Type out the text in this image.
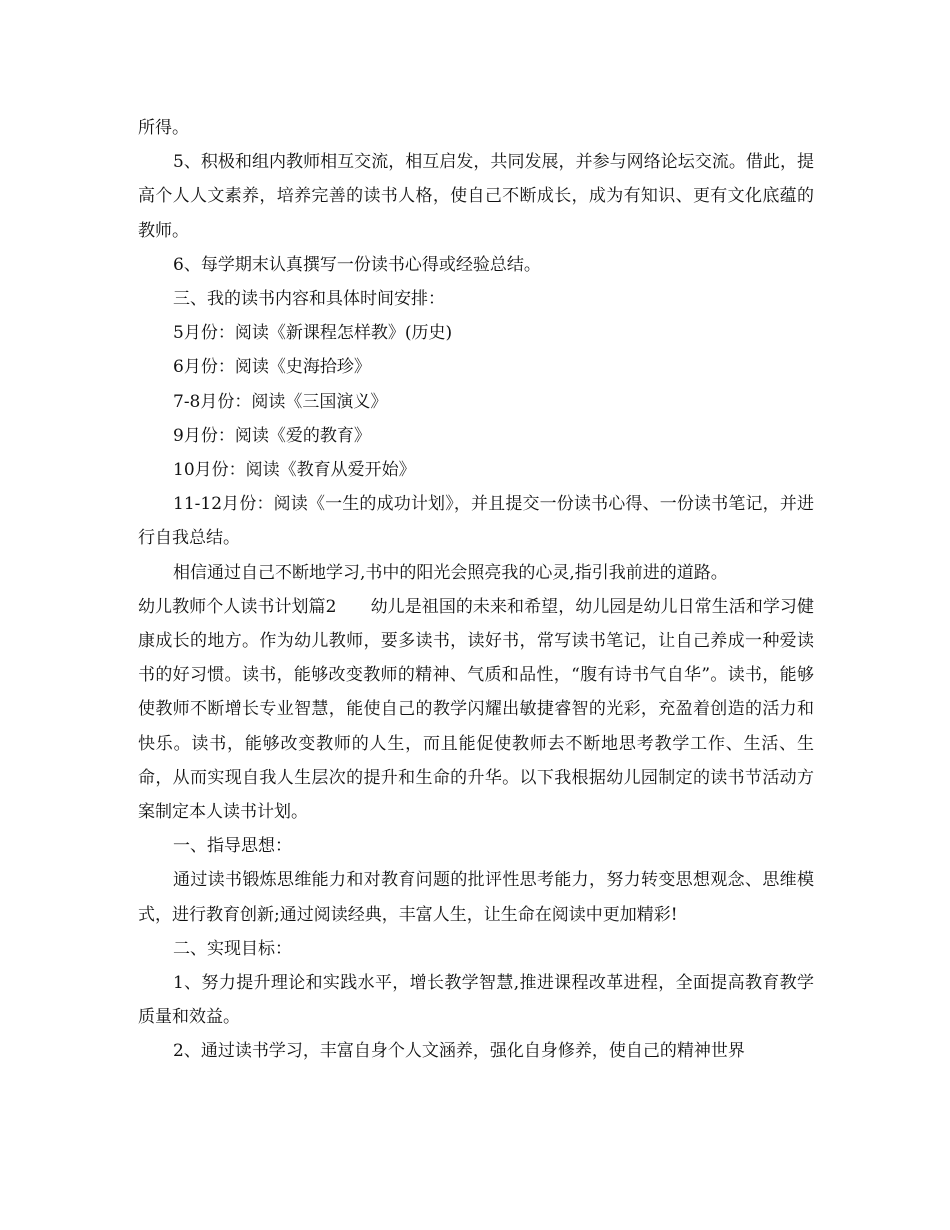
所得。

5、积极和组内教师相互交流，相互启发，共同发展，并参与网络论坛交流。借此，提高个人人文素养，培养完善的读书人格，使自己不断成长，成为有知识、更有文化底蕴的教师。

6、每学期末认真撰写一份读书心得或经验总结。

三、我的读书内容和具体时间安排：

5月份：阅读《新课程怎样教》(历史)

6月份：阅读《史海拾珍》

7-8月份：阅读《三国演义》

9月份：阅读《爱的教育》

10月份：阅读《教育从爱开始》

11-12月份：阅读《一生的成功计划》，并且提交一份读书心得、一份读书笔记，并进行自我总结。

相信通过自己不断地学习,书中的阳光会照亮我的心灵,指引我前进的道路。

幼儿教师个人读书计划篇2　　幼儿是祖国的未来和希望，幼儿园是幼儿日常生活和学习健康成长的地方。作为幼儿教师，要多读书，读好书，常写读书笔记，让自己养成一种爱读书的好习惯。读书，能够改变教师的精神、气质和品性，“腹有诗书气自华”。读书，能够使教师不断增长专业智慧，能使自己的教学闪耀出敏捷睿智的光彩，充盈着创造的活力和快乐。读书，能够改变教师的人生，而且能促使教师去不断地思考教学工作、生活、生命，从而实现自我人生层次的提升和生命的升华。以下我根据幼儿园制定的读书节活动方案制定本人读书计划。

一、指导思想：

通过读书锻炼思维能力和对教育问题的批评性思考能力，努力转变思想观念、思维模式，进行教育创新;通过阅读经典，丰富人生，让生命在阅读中更加精彩!

二、实现目标：

1、努力提升理论和实践水平，增长教学智慧,推进课程改革进程，全面提高教育教学质量和效益。

2、通过读书学习，丰富自身个人文涵养，强化自身修养，使自己的精神世界
